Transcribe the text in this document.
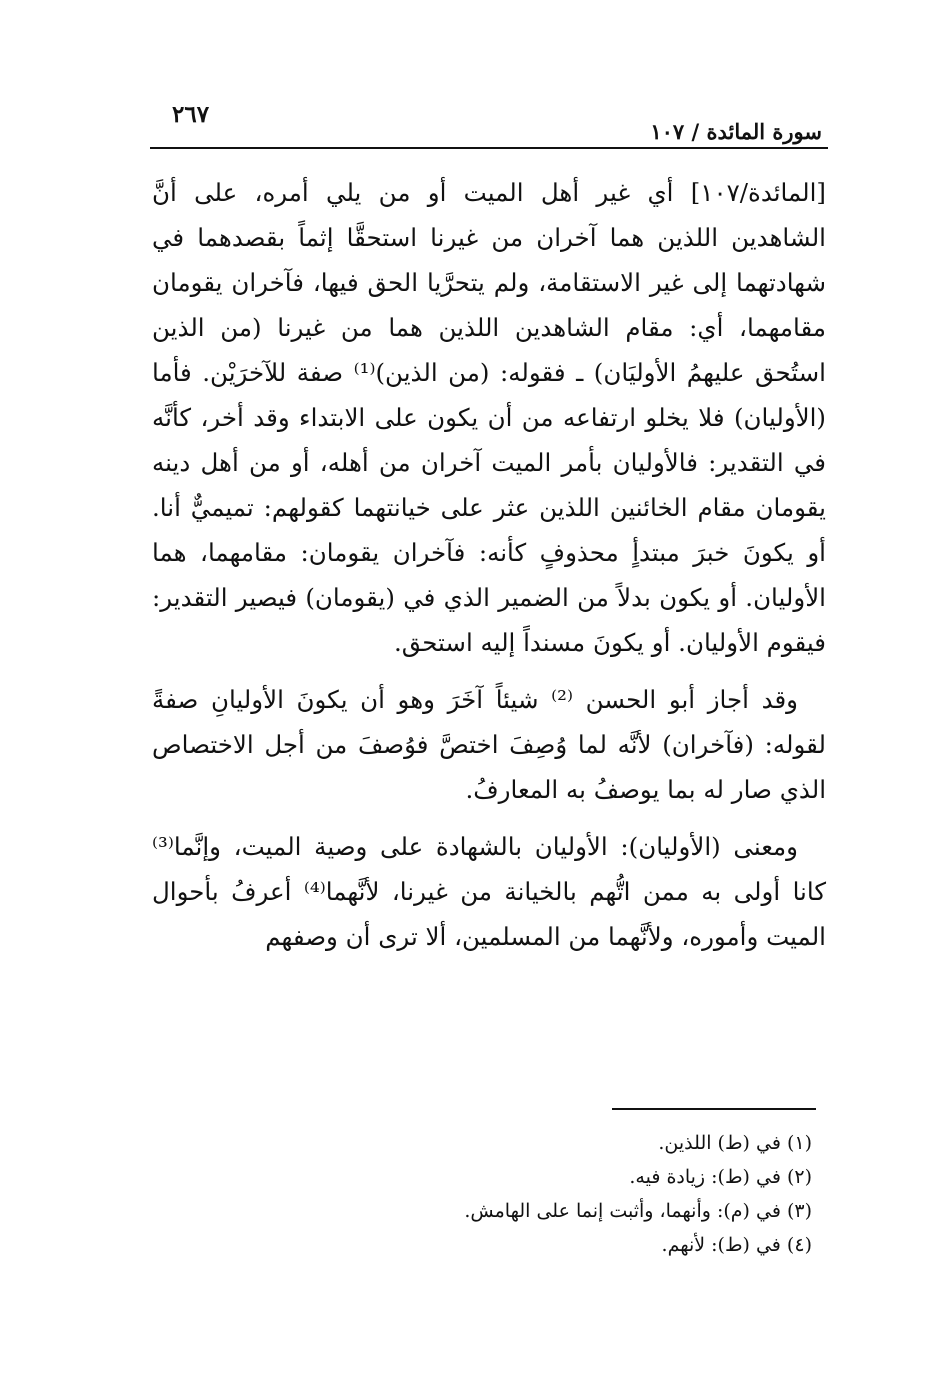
سورة المائدة / ١٠٧
٢٦٧

[المائدة/١٠٧] أي غير أهل الميت أو من يلي أمره، على أنَّ الشاهدين اللذين هما آخران من غيرنا استحقَّا إثماً بقصدهما في شهادتهما إلى غير الاستقامة، ولم يتحرَّيا الحق فيها، فآخران يقومان مقامهما، أي: مقام الشاهدين اللذين هما من غيرنا (من الذين استُحق عليهمُ الأوليَان) ـ فقوله: (من الذين)⁽¹⁾ صفة للآخرَيْن. فأما (الأوليان) فلا يخلو ارتفاعه من أن يكون على الابتداء وقد أخر، كأنَّه في التقدير: فالأوليان بأمر الميت آخران من أهله، أو من أهل دينه يقومان مقام الخائنين اللذين عثر على خيانتهما كقولهم: تميميٌّ أنا. أو يكونَ خبرَ مبتدأٍ محذوفٍ كأنه: فآخران يقومان: مقامهما، هما الأوليان. أو يكون بدلاً من الضمير الذي في (يقومان) فيصير التقدير: فيقوم الأوليان. أو يكونَ مسنداً إليه استحق.

وقد أجاز أبو الحسن ⁽²⁾ شيئاً آخَرَ وهو أن يكونَ الأوليانِ صفةً لقوله: (فآخران) لأنَّه لما وُصِفَ اختصَّ فوُصفَ من أجل الاختصاص الذي صار له بما يوصفُ به المعارفُ.

ومعنى (الأوليان): الأوليان بالشهادة على وصية الميت، وإنَّما⁽³⁾ كانا أولى به ممن اتُّهم بالخيانة من غيرنا، لأنَّهما⁽⁴⁾ أعرفُ بأحوال الميت وأموره، ولأنَّهما من المسلمين، ألا ترى أن وصفهم

(١) في (ط) اللذين.
(٢) في (ط): زيادة فيه.
(٣) في (م): وأنهما، وأثبت إنما على الهامش.
(٤) في (ط): لأنهم.
